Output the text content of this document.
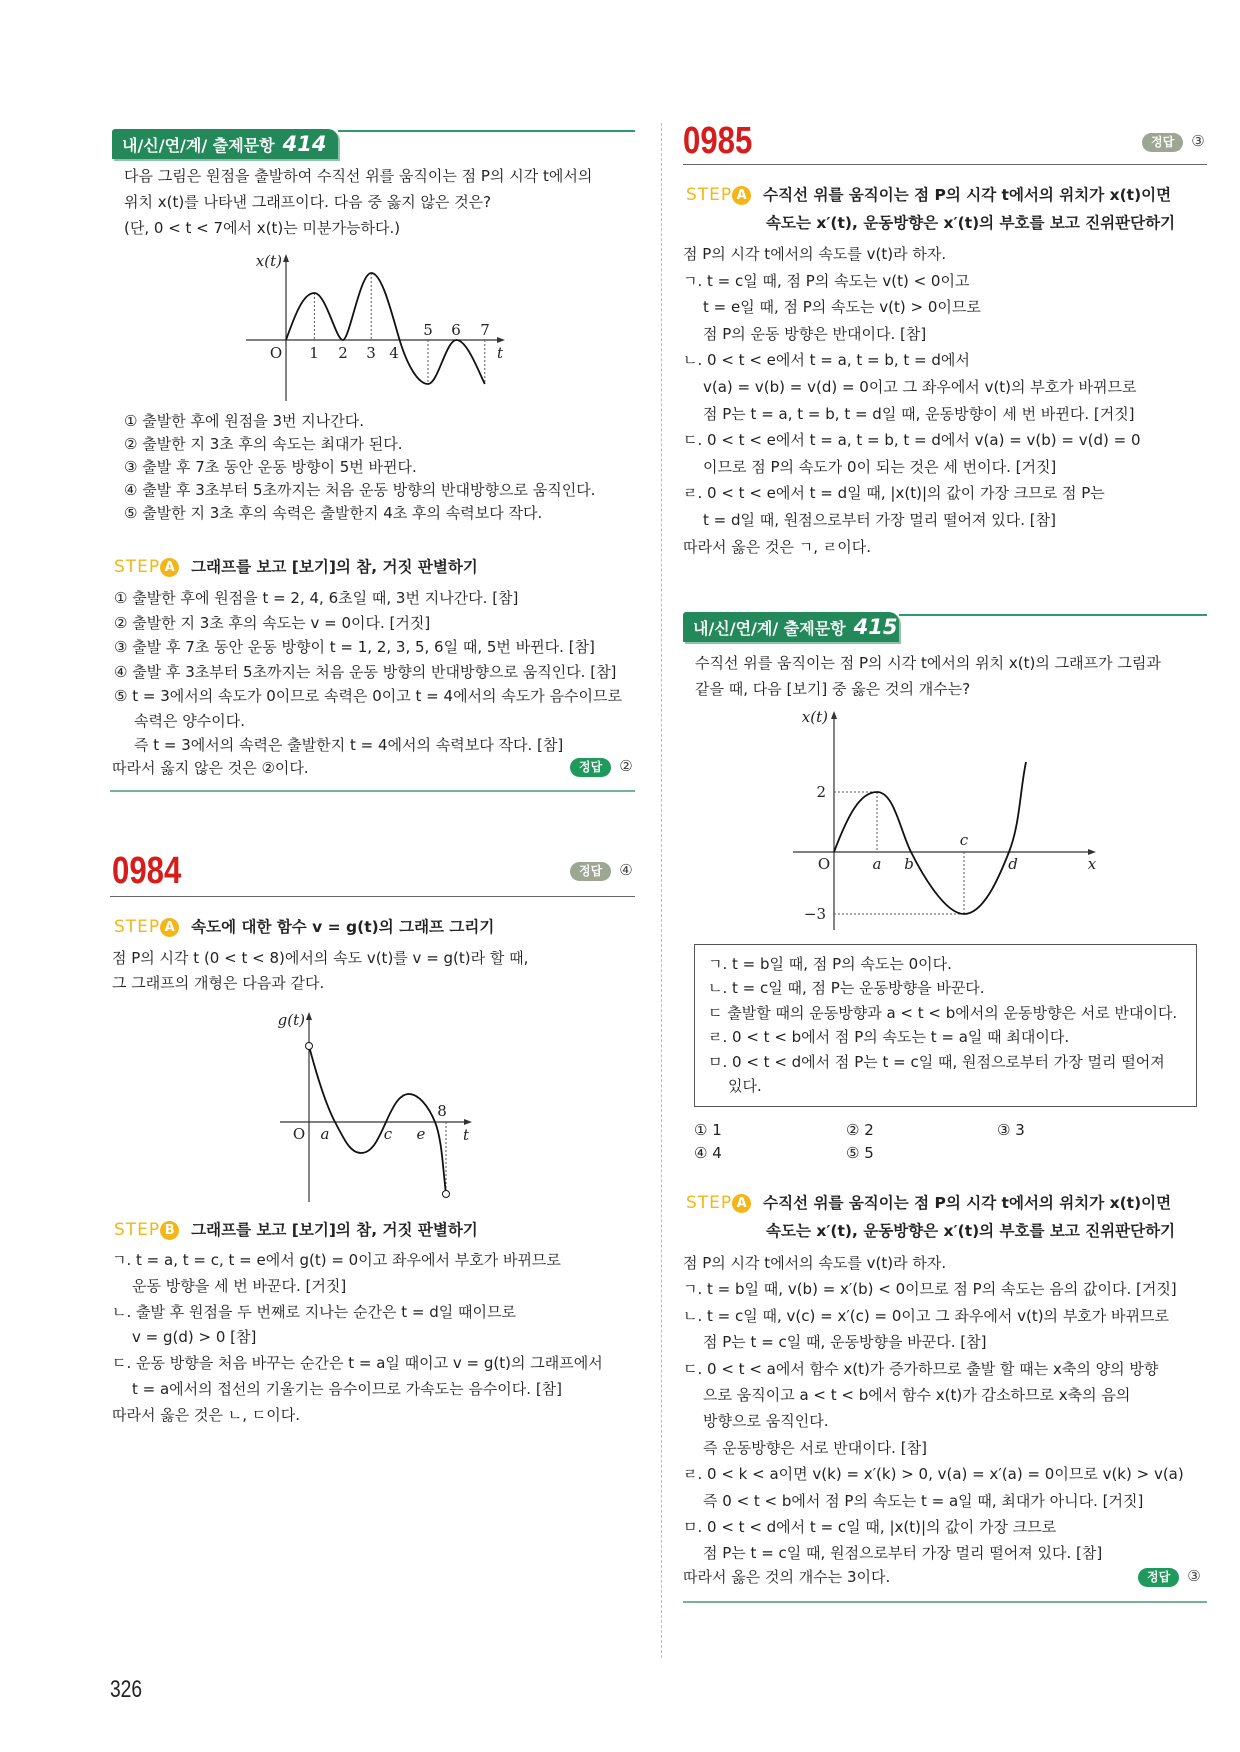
내/신/연/계/ 출제문항 414
다음 그림은 원점을 출발하여 수직선 위를 움직이는 점 P의 시각 t에서의
위치 x(t)를 나타낸 그래프이다. 다음 중 옳지 않은 것은?
(단, 0 < t < 7에서 x(t)는 미분가능하다.)
x(t)
O 1 2 3 4
5 6 7
t
① 출발한 후에 원점을 3번 지나간다.
② 출발한 지 3초 후의 속도는 최대가 된다.
③ 출발 후 7초 동안 운동 방향이 5번 바뀐다.
④ 출발 후 3초부터 5초까지는 처음 운동 방향의 반대방향으로 움직인다.
⑤ 출발한 지 3초 후의 속력은 출발한지 4초 후의 속력보다 작다.
STEP A 그래프를 보고 [보기]의 참, 거짓 판별하기
① 출발한 후에 원점을 t = 2, 4, 6초일 때, 3번 지나간다. [참]
② 출발한 지 3초 후의 속도는 v = 0이다. [거짓]
③ 출발 후 7초 동안 운동 방향이 t = 1, 2, 3, 5, 6일 때, 5번 바뀐다. [참]
④ 출발 후 3초부터 5초까지는 처음 운동 방향의 반대방향으로 움직인다. [참]
⑤ t = 3에서의 속도가 0이므로 속력은 0이고 t = 4에서의 속도가 음수이므로
속력은 양수이다.
즉 t = 3에서의 속력은 출발한지 t = 4에서의 속력보다 작다. [참]
따라서 옳지 않은 것은 ②이다.	정답 ②
0984	정답 ④
STEP A 속도에 대한 함수 v = g(t)의 그래프 그리기
점 P의 시각 t (0 < t < 8)에서의 속도 v(t)를 v = g(t)라 할 때,
그 그래프의 개형은 다음과 같다.
g(t)
O a	c e
8
t
STEP B 그래프를 보고 [보기]의 참, 거짓 판별하기
ㄱ. t = a, t = c, t = e에서 g(t) = 0이고 좌우에서 부호가 바뀌므로
운동 방향을 세 번 바꾼다. [거짓]
ㄴ. 출발 후 원점을 두 번째로 지나는 순간은 t = d일 때이므로
v = g(d) > 0 [참]
ㄷ. 운동 방향을 처음 바꾸는 순간은 t = a일 때이고 v = g(t)의 그래프에서
t = a에서의 접선의 기울기는 음수이므로 가속도는 음수이다. [참]
따라서 옳은 것은 ㄴ, ㄷ이다.
0985	정답 ③
STEP A 수직선 위를 움직이는 점 P의 시각 t에서의 위치가 x(t)이면
속도는 x′(t), 운동방향은 x′(t)의 부호를 보고 진위판단하기
점 P의 시각 t에서의 속도를 v(t)라 하자.
ㄱ. t = c일 때, 점 P의 속도는 v(t) < 0이고
t = e일 때, 점 P의 속도는 v(t) > 0이므로
점 P의 운동 방향은 반대이다. [참]
ㄴ. 0 < t < e에서 t = a, t = b, t = d에서
v(a) = v(b) = v(d) = 0이고 그 좌우에서 v(t)의 부호가 바뀌므로
점 P는 t = a, t = b, t = d일 때, 운동방향이 세 번 바뀐다. [거짓]
ㄷ. 0 < t < e에서 t = a, t = b, t = d에서 v(a) = v(b) = v(d) = 0
이므로 점 P의 속도가 0이 되는 것은 세 번이다. [거짓]
ㄹ. 0 < t < e에서 t = d일 때, |x(t)|의 값이 가장 크므로 점 P는
t = d일 때, 원점으로부터 가장 멀리 떨어져 있다. [참]
따라서 옳은 것은 ㄱ, ㄹ이다.
내/신/연/계/ 출제문항 415
수직선 위를 움직이는 점 P의 시각 t에서의 위치 x(t)의 그래프가 그림과
같을 때, 다음 [보기] 중 옳은 것의 개수는?
x(t)
2
−3
O	a b
c
d	x
ㄱ. t = b일 때, 점 P의 속도는 0이다.
ㄴ. t = c일 때, 점 P는 운동방향을 바꾼다.
ㄷ 출발할 때의 운동방향과 a < t < b에서의 운동방향은 서로 반대이다.
ㄹ. 0 < t < b에서 점 P의 속도는 t = a일 때 최대이다.
ㅁ. 0 < t < d에서 점 P는 t = c일 때, 원점으로부터 가장 멀리 떨어져
있다.
① 1	② 2	③ 3
④ 4	⑤ 5
STEP A 수직선 위를 움직이는 점 P의 시각 t에서의 위치가 x(t)이면
속도는 x′(t), 운동방향은 x′(t)의 부호를 보고 진위판단하기
점 P의 시각 t에서의 속도를 v(t)라 하자.
ㄱ. t = b일 때, v(b) = x′(b) < 0이므로 점 P의 속도는 음의 값이다. [거짓]
ㄴ. t = c일 때, v(c) = x′(c) = 0이고 그 좌우에서 v(t)의 부호가 바뀌므로
점 P는 t = c일 때, 운동방향을 바꾼다. [참]
ㄷ. 0 < t < a에서 함수 x(t)가 증가하므로 출발 할 때는 x축의 양의 방향
으로 움직이고 a < t < b에서 함수 x(t)가 감소하므로 x축의 음의
방향으로 움직인다.
즉 운동방향은 서로 반대이다. [참]
ㄹ. 0 < k < a이면 v(k) = x′(k) > 0, v(a) = x′(a) = 0이므로 v(k) > v(a)
즉 0 < t < b에서 점 P의 속도는 t = a일 때, 최대가 아니다. [거짓]
ㅁ. 0 < t < d에서 t = c일 때, |x(t)|의 값이 가장 크므로
점 P는 t = c일 때, 원점으로부터 가장 멀리 떨어져 있다. [참]
따라서 옳은 것의 개수는 3이다.	정답 ③
326
